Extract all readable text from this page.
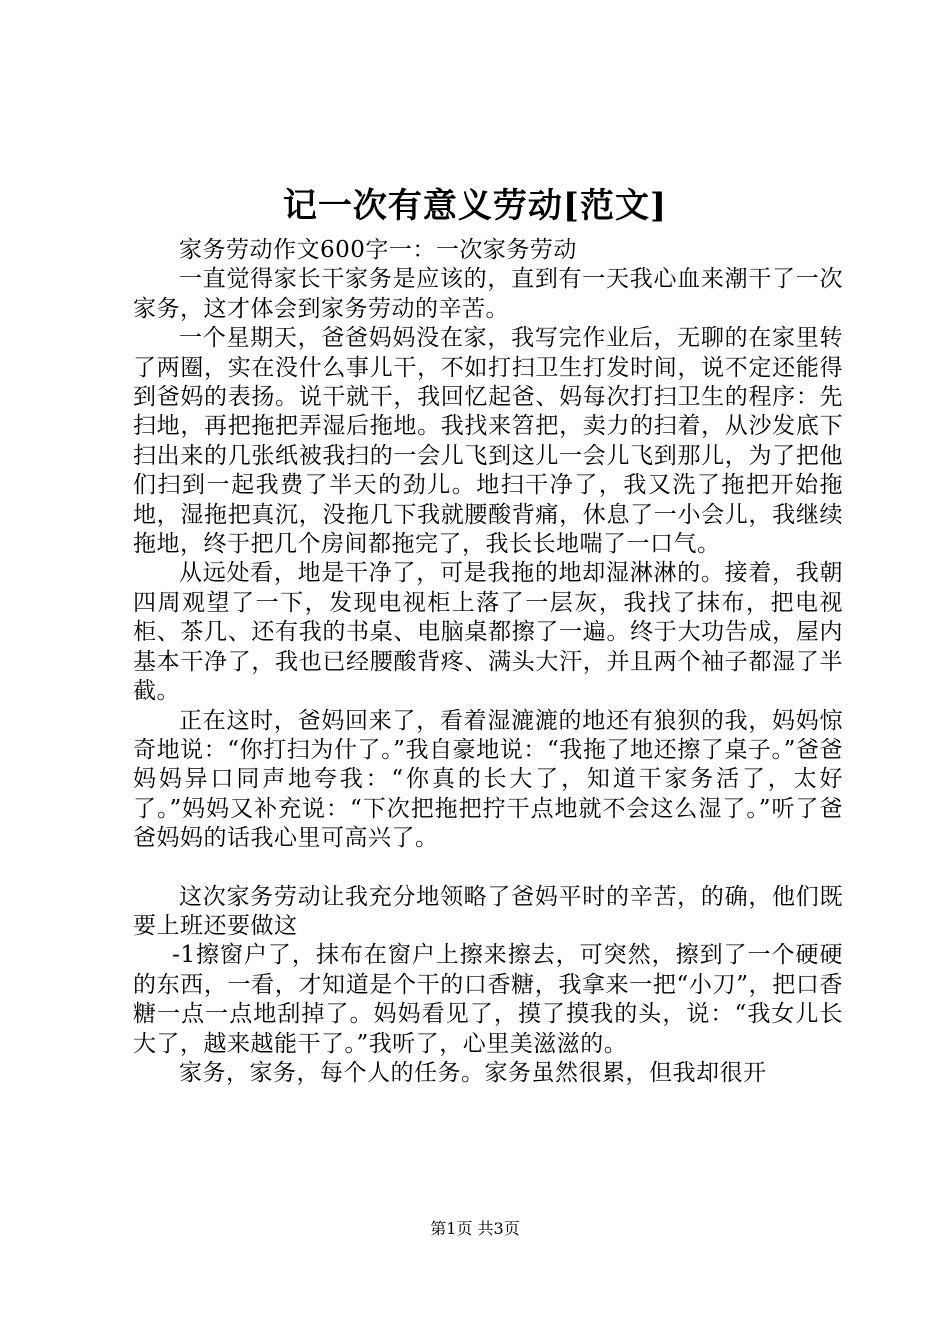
记一次有意义劳动[范文]

家务劳动作文600字一：一次家务劳动

一直觉得家长干家务是应该的，直到有一天我心血来潮干了一次家务，这才体会到家务劳动的辛苦。

一个星期天，爸爸妈妈没在家，我写完作业后，无聊的在家里转了两圈，实在没什么事儿干，不如打扫卫生打发时间，说不定还能得到爸妈的表扬。说干就干，我回忆起爸、妈每次打扫卫生的程序：先扫地，再把拖把弄湿后拖地。我找来笤把，卖力的扫着，从沙发底下扫出来的几张纸被我扫的一会儿飞到这儿一会儿飞到那儿，为了把他们扫到一起我费了半天的劲儿。地扫干净了，我又洗了拖把开始拖地，湿拖把真沉，没拖几下我就腰酸背痛，休息了一小会儿，我继续拖地，终于把几个房间都拖完了，我长长地喘了一口气。

从远处看，地是干净了，可是我拖的地却湿淋淋的。接着，我朝四周观望了一下，发现电视柜上落了一层灰，我找了抹布，把电视柜、茶几、还有我的书桌、电脑桌都擦了一遍。终于大功告成，屋内基本干净了，我也已经腰酸背疼、满头大汗，并且两个袖子都湿了半截。

正在这时，爸妈回来了，看着湿漉漉的地还有狼狈的我，妈妈惊奇地说：“你打扫为什了。”我自豪地说：“我拖了地还擦了桌子。”爸爸妈妈异口同声地夸我：“你真的长大了，知道干家务活了，太好了。”妈妈又补充说：“下次把拖把拧干点地就不会这么湿了。”听了爸爸妈妈的话我心里可高兴了。

这次家务劳动让我充分地领略了爸妈平时的辛苦，的确，他们既要上班还要做这

-1擦窗户了，抹布在窗户上擦来擦去，可突然，擦到了一个硬硬的东西，一看，才知道是个干的口香糖，我拿来一把“小刀”，把口香糖一点一点地刮掉了。妈妈看见了，摸了摸我的头，说：“我女儿长大了，越来越能干了。”我听了，心里美滋滋的。

家务，家务，每个人的任务。家务虽然很累，但我却很开

第1页 共3页
